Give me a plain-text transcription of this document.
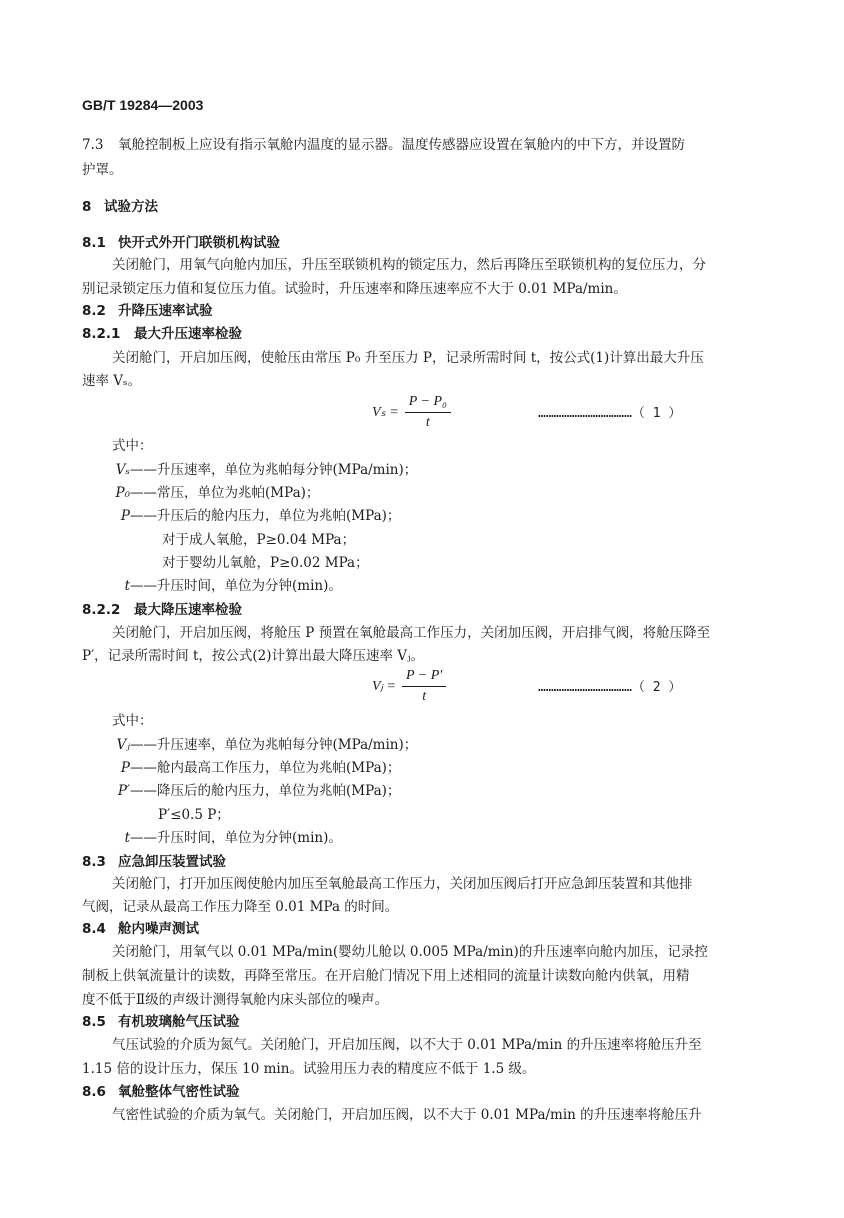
GB/T 19284—2003
7.3 氧舱控制板上应设有指示氧舱内温度的显示器。温度传感器应设置在氧舱内的中下方，并设置防
护罩。
8 试验方法
8.1 快开式外开门联锁机构试验
关闭舱门，用氧气向舱内加压，升压至联锁机构的锁定压力，然后再降压至联锁机构的复位压力，分
别记录锁定压力值和复位压力值。试验时，升压速率和降压速率应不大于 0.01 MPa/min。
8.2 升降压速率试验
8.2.1 最大升压速率检验
关闭舱门，开启加压阀，使舱压由常压 P₀ 升至压力 P，记录所需时间 t，按公式(1)计算出最大升压
速率 Vₛ。
$V_s = \frac{\text{P − P₀}}{t}$	………………………………（ 1 ）
式中：
Vₛ——升压速率，单位为兆帕每分钟(MPa/min)；
P₀——常压，单位为兆帕(MPa)；
P——升压后的舱内压力，单位为兆帕(MPa)；
对于成人氧舱，P≥0.04 MPa；
对于婴幼儿氧舱，P≥0.02 MPa；
t——升压时间，单位为分钟(min)。
8.2.2 最大降压速率检验
关闭舱门，开启加压阀，将舱压 P 预置在氧舱最高工作压力，关闭加压阀，开启排气阀，将舱压降至
P′，记录所需时间 t，按公式(2)计算出最大降压速率 Vⱼ。
Vⱼ = $\frac{P - P'}{t}$	………………………………（ 2 ）
式中：
Vⱼ——升压速率，单位为兆帕每分钟(MPa/min)；
P——舱内最高工作压力，单位为兆帕(MPa)；
P′——降压后的舱内压力，单位为兆帕(MPa)；
P′≤0.5 P；
t——升压时间，单位为分钟(min)。
8.3 应急卸压装置试验
关闭舱门，打开加压阀使舱内加压至氧舱最高工作压力，关闭加压阀后打开应急卸压装置和其他排
气阀，记录从最高工作压力降至 0.01 MPa 的时间。
8.4 舱内噪声测试
关闭舱门，用氧气以 0.01 MPa/min(婴幼儿舱以 0.005 MPa/min)的升压速率向舱内加压，记录控
制板上供氧流量计的读数，再降至常压。在开启舱门情况下用上述相同的流量计读数向舱内供氧，用精
度不低于Ⅱ级的声级计测得氧舱内床头部位的噪声。
8.5 有机玻璃舱气压试验
气压试验的介质为氮气。关闭舱门，开启加压阀，以不大于 0.01 MPa/min 的升压速率将舱压升至
1.15 倍的设计压力，保压 10 min。试验用压力表的精度应不低于 1.5 级。
8.6 氧舱整体气密性试验
气密性试验的介质为氧气。关闭舱门，开启加压阀，以不大于 0.01 MPa/min 的升压速率将舱压升
